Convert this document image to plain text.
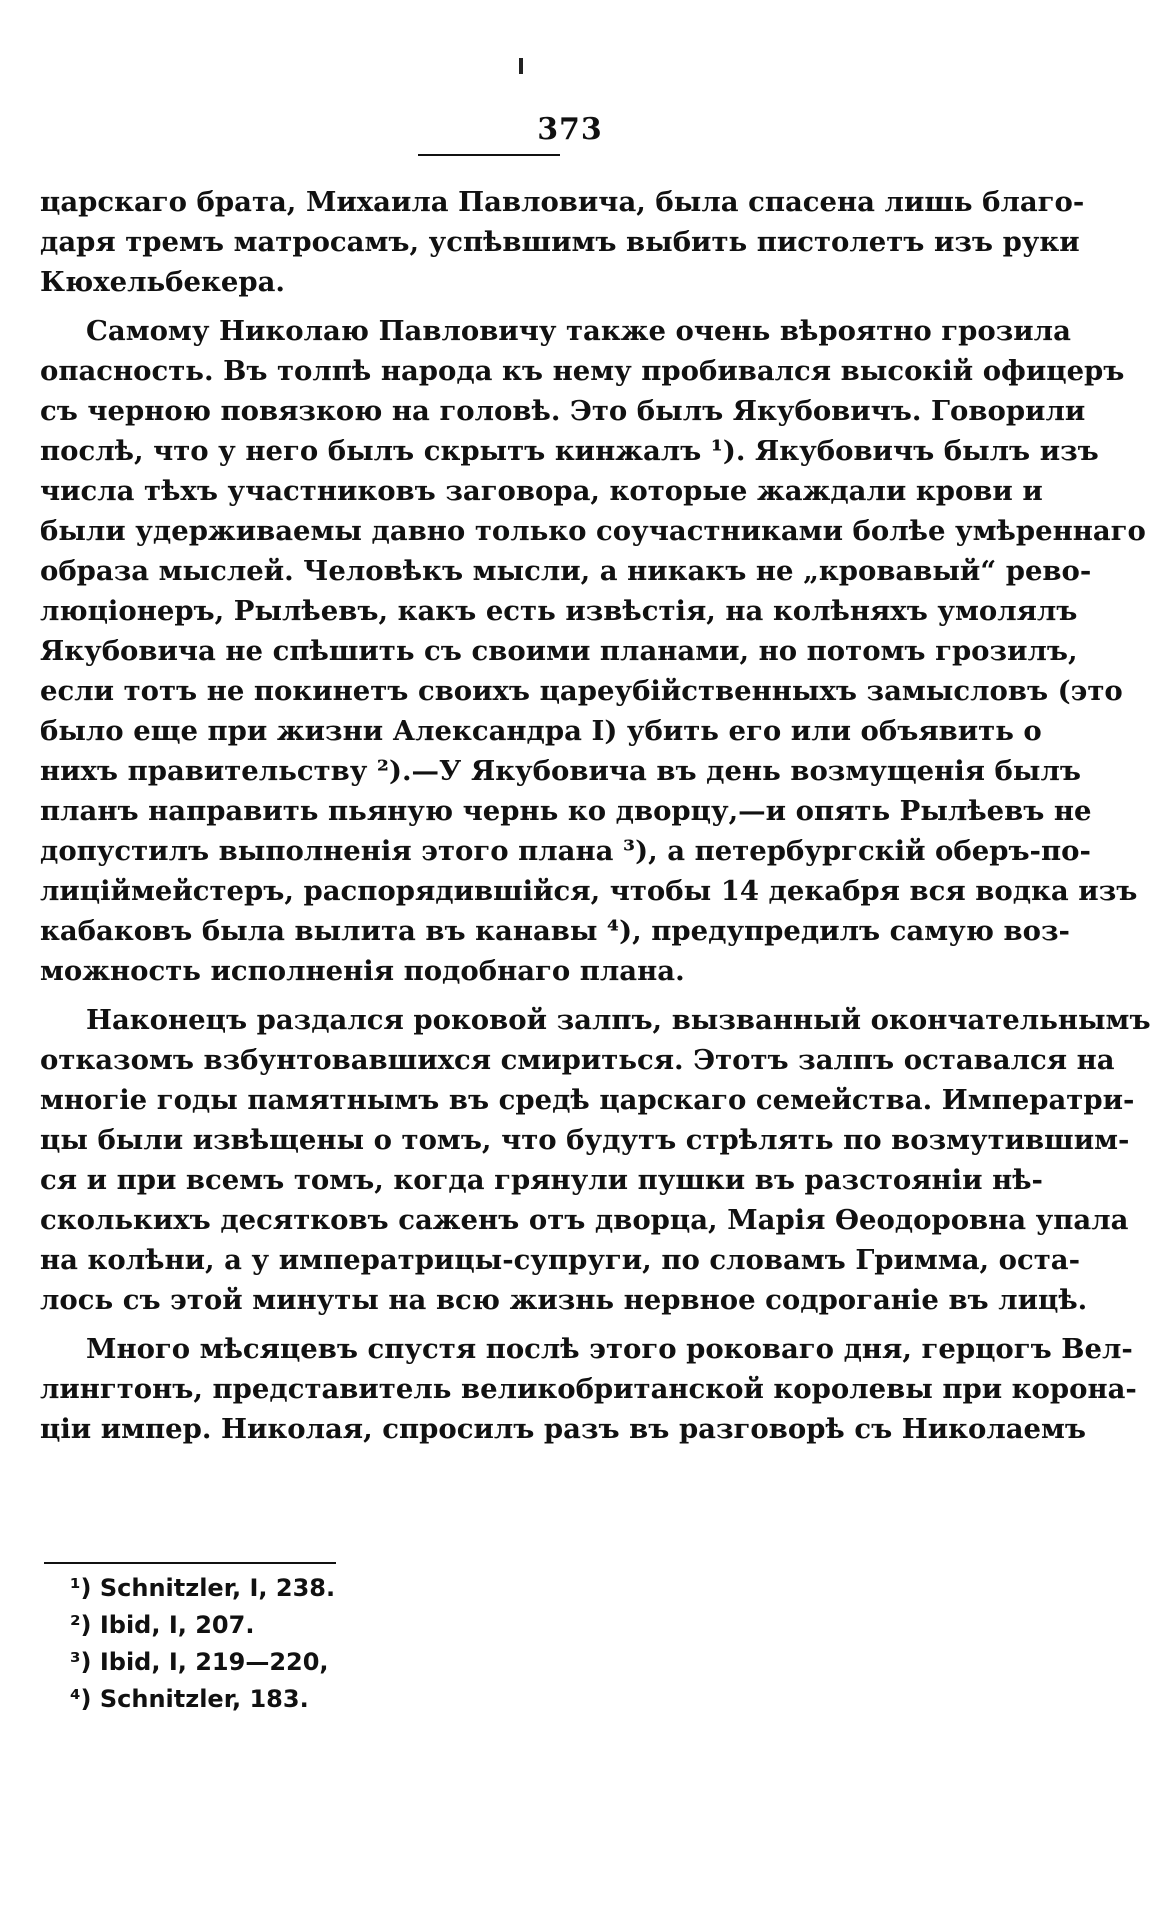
373
царскаго брата, Михаила Павловича, была спасена лишь благо-
даря тремъ матросамъ, успѣвшимъ выбить пистолетъ изъ руки
Кюхельбекера.
Самому Николаю Павловичу также очень вѣроятно грозила
опасность. Въ толпѣ народа къ нему пробивался высокій офицеръ
съ черною повязкою на головѣ. Это былъ Якубовичъ. Говорили
послѣ, что у него былъ скрытъ кинжалъ ¹). Якубовичъ былъ изъ
числа тѣхъ участниковъ заговора, которые жаждали крови и
были удерживаемы давно только соучастниками болѣе умѣреннаго
образа мыслей. Человѣкъ мысли, а никакъ не „кровавый“ рево-
люціонеръ, Рылѣевъ, какъ есть извѣстія, на колѣняхъ умолялъ
Якубовича не спѣшить съ своими планами, но потомъ грозилъ,
если тотъ не покинетъ своихъ цареубійственныхъ замысловъ (это
было еще при жизни Александра I) убить его или объявить о
нихъ правительству ²).—У Якубовича въ день возмущенія былъ
планъ направить пьяную чернь ко дворцу,—и опять Рылѣевъ не
допустилъ выполненія этого плана ³), а петербургскій оберъ-по-
лиціймейстеръ, распорядившійся, чтобы 14 декабря вся водка изъ
кабаковъ была вылита въ канавы ⁴), предупредилъ самую воз-
можность исполненія подобнаго плана.
Наконецъ раздался роковой залпъ, вызванный окончательнымъ
отказомъ взбунтовавшихся смириться. Этотъ залпъ оставался на
многіе годы памятнымъ въ средѣ царскаго семейства. Императри-
цы были извѣщены о томъ, что будутъ стрѣлять по возмутившим-
ся и при всемъ томъ, когда грянули пушки въ разстояніи нѣ-
сколькихъ десятковъ саженъ отъ дворца, Марія Ѳеодоровна упала
на колѣни, а у императрицы-супруги, по словамъ Гримма, оста-
лось съ этой минуты на всю жизнь нервное содроганіе въ лицѣ.
Много мѣсяцевъ спустя послѣ этого роковаго дня, герцогъ Вел-
лингтонъ, представитель великобританской королевы при корона-
ціи импер. Николая, спросилъ разъ въ разговорѣ съ Николаемъ
¹) Schnitzler, I, 238.
²) Ibid, I, 207.
³) Ibid, I, 219—220,
⁴) Schnitzler, 183.
